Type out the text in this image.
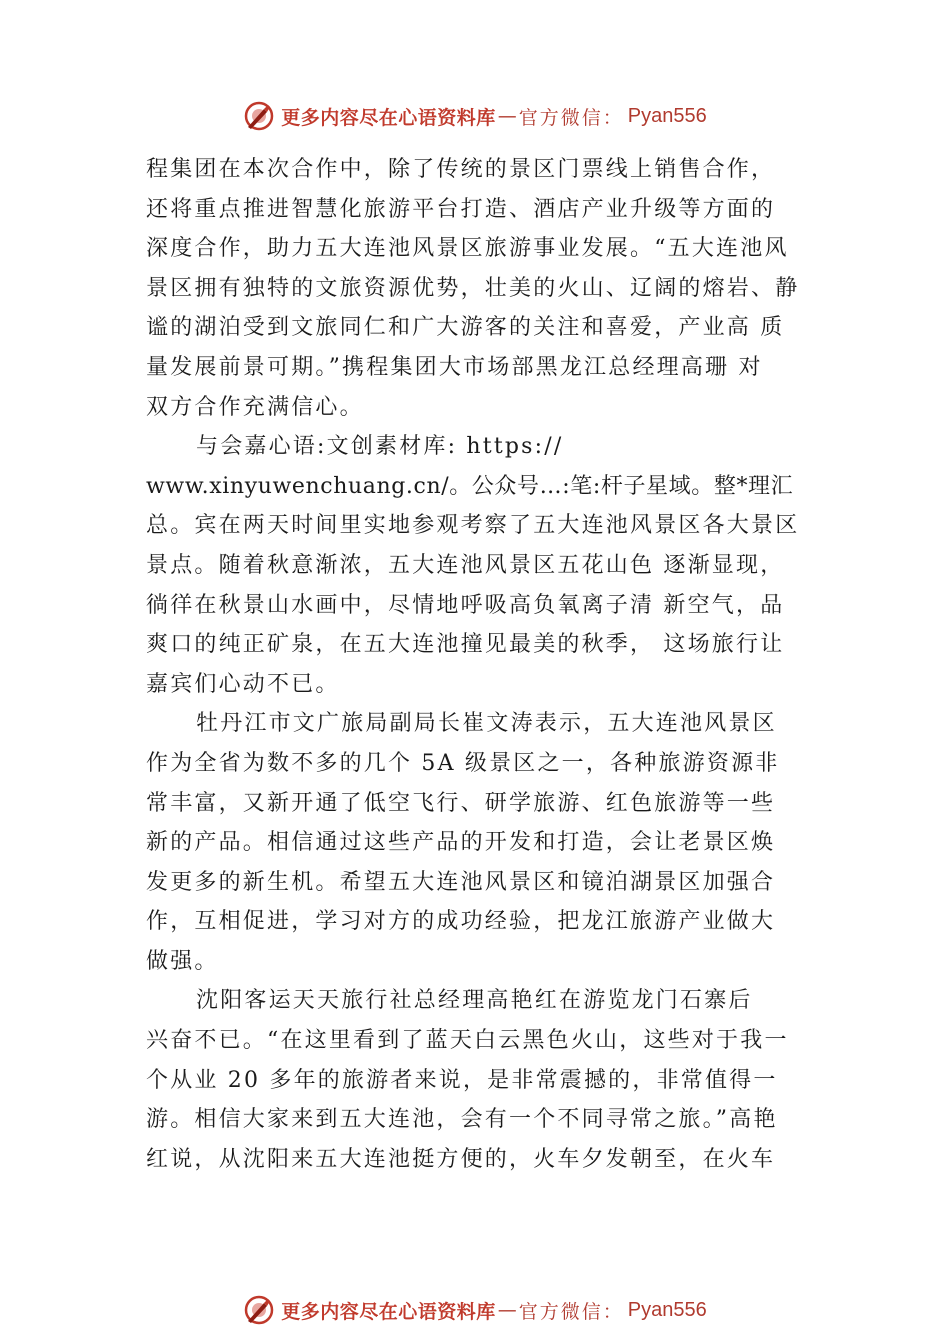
更多内容尽在心语资料库 — 官方微信： Pyan556
程集团在本次合作中，除了传统的景区门票线上销售合作，
还将重点推进智慧化旅游平台打造、酒店产业升级等方面的
深度合作，助力五大连池风景区旅游事业发展。“五大连池风
景区拥有独特的文旅资源优势，壮美的火山、辽阔的熔岩、静
谧的湖泊受到文旅同仁和广大游客的关注和喜爱，产业高 质
量发展前景可期。”携程集团大市场部黑龙江总经理高珊 对
双方合作充满信心。
与会嘉心语:文创素材库: https://
www.xinyuwenchuang.cn/。公众号…:笔:杆子星域。整*理汇
总。宾在两天时间里实地参观考察了五大连池风景区各大景区
景点。随着秋意渐浓，五大连池风景区五花山色 逐渐显现，
徜徉在秋景山水画中，尽情地呼吸高负氧离子清 新空气，品
爽口的纯正矿泉，在五大连池撞见最美的秋季， 这场旅行让
嘉宾们心动不已。
牡丹江市文广旅局副局长崔文涛表示，五大连池风景区
作为全省为数不多的几个 5A 级景区之一，各种旅游资源非
常丰富，又新开通了低空飞行、研学旅游、红色旅游等一些
新的产品。相信通过这些产品的开发和打造，会让老景区焕
发更多的新生机。希望五大连池风景区和镜泊湖景区加强合
作，互相促进，学习对方的成功经验，把龙江旅游产业做大
做强。
沈阳客运天天旅行社总经理高艳红在游览龙门石寨后
兴奋不已。“在这里看到了蓝天白云黑色火山，这些对于我一
个从业 20 多年的旅游者来说，是非常震撼的，非常值得一
游。相信大家来到五大连池，会有一个不同寻常之旅。”高艳
红说，从沈阳来五大连池挺方便的，火车夕发朝至，在火车
更多内容尽在心语资料库 — 官方微信： Pyan556
